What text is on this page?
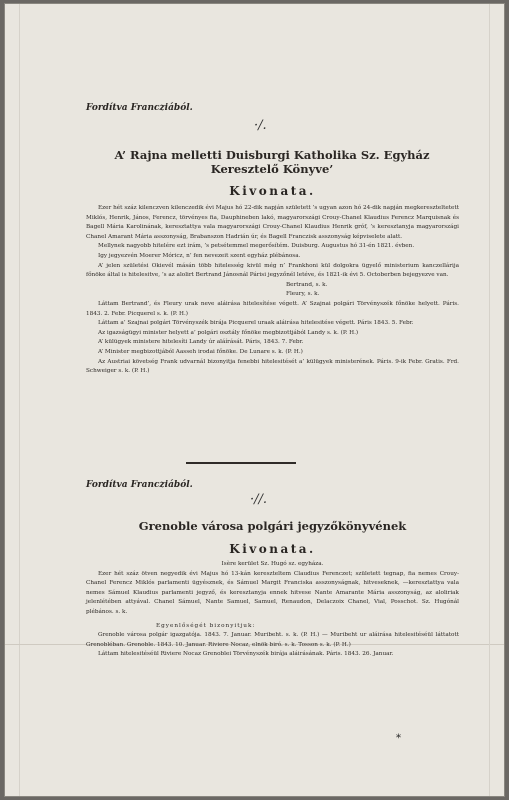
Fordítva Francziából.
·/.
A’ Rajna melletti Duisburgi Katholika Sz. Egyház Keresztelő Könyve’
Kivonata.

Ezer hét száz kilenczven kilenczedik évi Majus hó 22-dik napján született ’s ugyan azon hó 24-dik napján megkereszteltetett Miklós, Henrik, János, Ferencz, törvényes fia, Dauphineben lakó, magyarországi Crouy-Chanel Klaudius Ferencz Marquisnak és Bagell Mária Karolinának, keresztattya vala magyarországi Crouy-Chanel Klaudius Henrik gróf, ’s keresztanyja magyarországi Chanel Amarant Mária asszonyság, Brabanszon Hadrián úr, és Bagell Franczisk asszonyság képviselete alatt.

Mellynek nagyobb hitelére ezt irám, ’s petsétemmel megerősítém. Duisburg. Augustus hó 31-én 1821. évben.

Igy jegyezvén Moerer Móricz, n’ fen nevezeit szent egyház plébánosa.

A’ jelen születési Okievél másán több hitelesség kivül még n’ Frankhoni kül dolgokra ügyelő ministerium kanczellárija főnöke által is hitelesitve, ’s az alolirt Bertrand Jánosnál Párisi jegyzőnél letéve, és 1821-ik évi 5. Octoberben bejegyezve van.

Bertrand, s. k.

Fleury, s. k.

Láttam Bertrand’, és Fleury urak neve aláirása hitelesítése végett. A’ Szajnai polgári Törvényszék főnöke helyett. Páris. 1843. 2. Febr. Picquerel s. k. (P. H.)

Láttam a’ Szajnai polgári Törvényszék birája Picquerel uraak aláirása hitelesitése végett. Páris 1843. 5. Febr.

Az igazságügyi minister helyett a’ polgári osztály főnöke megbizottjából Landy s. k. (P. H.)

A’ külügyek ministere hitelesíti Landy úr aláírását. Páris, 1843. 7. Febr.

A’ Minister megbizottjából Aasseh irodai főnöke. De Lunare s. k. (P. H.)

Az Austriai követség Frank udvarnál bizonyitja fenebbi hitelesitését a’ külügyek ministerének. Páris. 9-ik Febr. Gratis. Frd. Schweiger s. k. (P. H.)

Fordítva Francziából.
·//.
Grenoble városa polgári jegyzőkönyvének
Kivonata.

Isère kerület Sz. Hugó sz. egyháza.

Ezer hét száz ötven negyedik évi Majus hó 13-kán kereszteltem Claudius Ferenczet; született tegnap, fia nemes Crouy-Chanel Ferencz Miklós parlamenti ügyésznek, és Sámuel Margit Franciska asszonyságnak, hitveseknek, —keresztattya vala nemes Sámuel Klaudius parlamenti jegyző, és keresztanyja ennek hitvese Nante Amarante Mária asszonyság, az aloliriak jelenlétében attyával. Chanel Sámuel, Nante Samuel, Samuel, Renaudon, Delaczoix Chanel, Vial, Posschot. Sz. Hugónál plébános. s. k.

Egyenlőségét bizonyitjuk:

Grenoble városa polgár igazgatója. 1843. 7. Januar. Muribeht. s. k. (P. H.) — Muribeht ur aláirása hitelesitéséül láttatott Grenobléban. Grenoble. 1843. 10. Januar. Riviere Nocaz, elnök biró. s. k. Tosson s. k. (P. H.)

Láttam hitelesitéséül Riviere Nocaz Grenoblei Törvényszék birája aláirásának. Páris. 1843. 26. Januar.

*
